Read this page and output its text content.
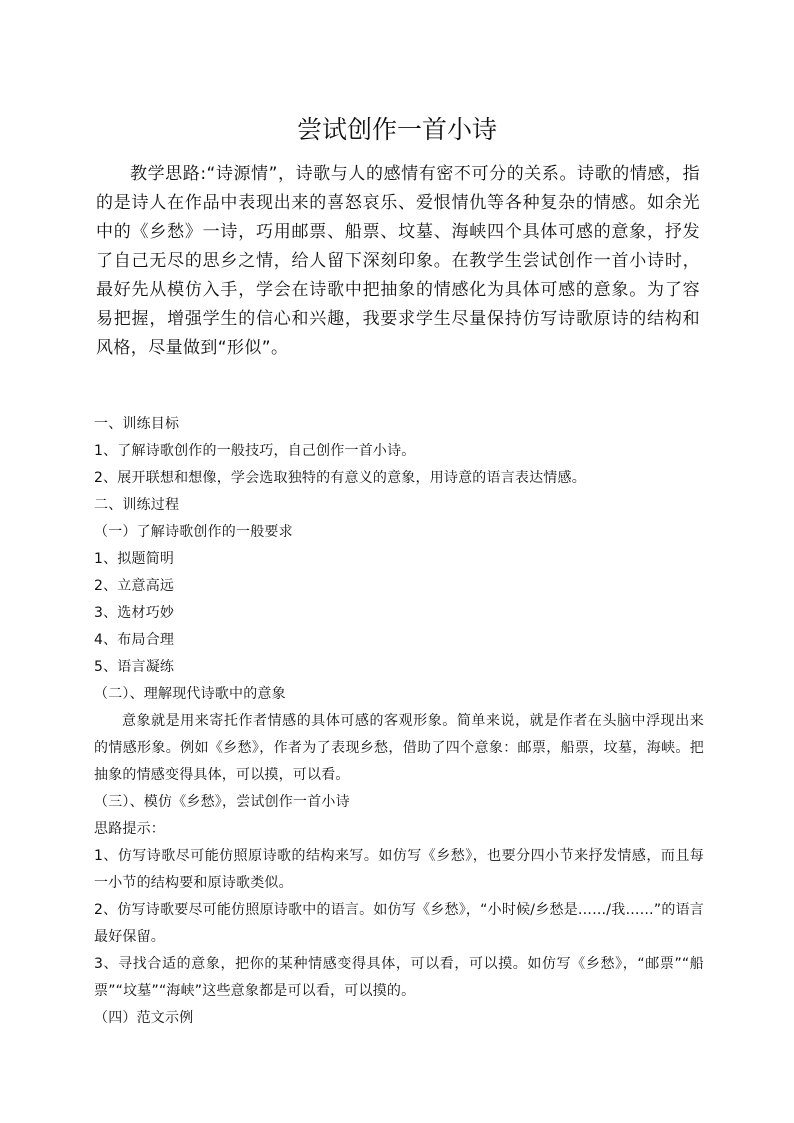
尝试创作一首小诗

教学思路:“诗源情”，诗歌与人的感情有密不可分的关系。诗歌的情感，指的是诗人在作品中表现出来的喜怒哀乐、爱恨情仇等各种复杂的情感。如余光中的《乡愁》一诗，巧用邮票、船票、坟墓、海峡四个具体可感的意象，抒发了自己无尽的思乡之情，给人留下深刻印象。在教学生尝试创作一首小诗时，最好先从模仿入手，学会在诗歌中把抽象的情感化为具体可感的意象。为了容易把握，增强学生的信心和兴趣，我要求学生尽量保持仿写诗歌原诗的结构和风格，尽量做到“形似”。

一、训练目标

1、了解诗歌创作的一般技巧，自己创作一首小诗。

2、展开联想和想像，学会选取独特的有意义的意象，用诗意的语言表达情感。

二、训练过程

（一）了解诗歌创作的一般要求

1、拟题简明

2、立意高远

3、选材巧妙

4、布局合理

5、语言凝练

（二）、理解现代诗歌中的意象

意象就是用来寄托作者情感的具体可感的客观形象。简单来说，就是作者在头脑中浮现出来的情感形象。例如《乡愁》，作者为了表现乡愁，借助了四个意象：邮票，船票，坟墓，海峡。把抽象的情感变得具体，可以摸，可以看。

（三）、模仿《乡愁》，尝试创作一首小诗

思路提示：

1、仿写诗歌尽可能仿照原诗歌的结构来写。如仿写《乡愁》，也要分四小节来抒发情感，而且每一小节的结构要和原诗歌类似。

2、仿写诗歌要尽可能仿照原诗歌中的语言。如仿写《乡愁》，“小时候/乡愁是……/我……”的语言最好保留。

3、寻找合适的意象，把你的某种情感变得具体，可以看，可以摸。如仿写《乡愁》，“邮票”“船票”“坟墓”“海峡”这些意象都是可以看，可以摸的。

（四）范文示例
